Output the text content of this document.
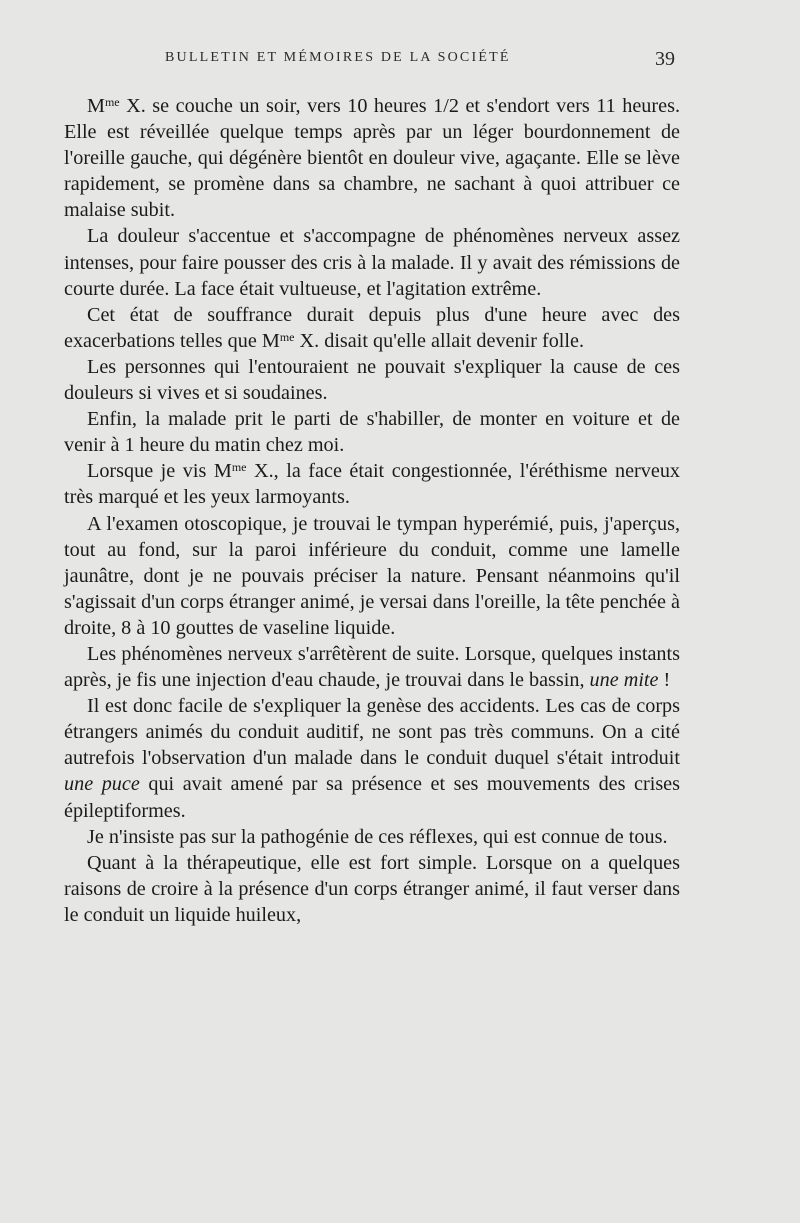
BULLETIN ET MÉMOIRES DE LA SOCIÉTÉ	39

$M^{me}$ X. se couche un soir, vers 10 heures 1/2 et s'endort vers 11 heures. Elle est réveillée quelque temps après par un léger bourdonnement de l'oreille gauche, qui dégénère bientôt en douleur vive, agaçante. Elle se lève rapidement, se promène dans sa chambre, ne sachant à quoi attribuer ce malaise subit.

La douleur s'accentue et s'accompagne de phénomènes nerveux assez intenses, pour faire pousser des cris à la malade. Il y avait des rémissions de courte durée. La face était vultueuse, et l'agitation extrême.

Cet état de souffrance durait depuis plus d'une heure avec des exacerbations telles que $M^{me}$ X. disait qu'elle allait devenir folle.

Les personnes qui l'entouraient ne pouvait s'expliquer la cause de ces douleurs si vives et si soudaines.

Enfin, la malade prit le parti de s'habiller, de monter en voiture et de venir à 1 heure du matin chez moi.

Lorsque je vis $M^{me}$ X., la face était congestionnée, l'éréthisme nerveux très marqué et les yeux larmoyants.

A l'examen otoscopique, je trouvai le tympan hyperémié, puis, j'aperçus, tout au fond, sur la paroi inférieure du conduit, comme une lamelle jaunâtre, dont je ne pouvais préciser la nature. Pensant néanmoins qu'il s'agissait d'un corps étranger animé, je versai dans l'oreille, la tête penchée à droite, 8 à 10 gouttes de vaseline liquide.

Les phénomènes nerveux s'arrêtèrent de suite. Lorsque, quelques instants après, je fis une injection d'eau chaude, je trouvai dans le bassin, une mite !

Il est donc facile de s'expliquer la genèse des accidents. Les cas de corps étrangers animés du conduit auditif, ne sont pas très communs. On a cité autrefois l'observation d'un malade dans le conduit duquel s'était introduit une puce qui avait amené par sa présence et ses mouvements des crises épileptiformes.

Je n'insiste pas sur la pathogénie de ces réflexes, qui est connue de tous.

Quant à la thérapeutique, elle est fort simple. Lorsque on a quelques raisons de croire à la présence d'un corps étranger animé, il faut verser dans le conduit un liquide huileux,
